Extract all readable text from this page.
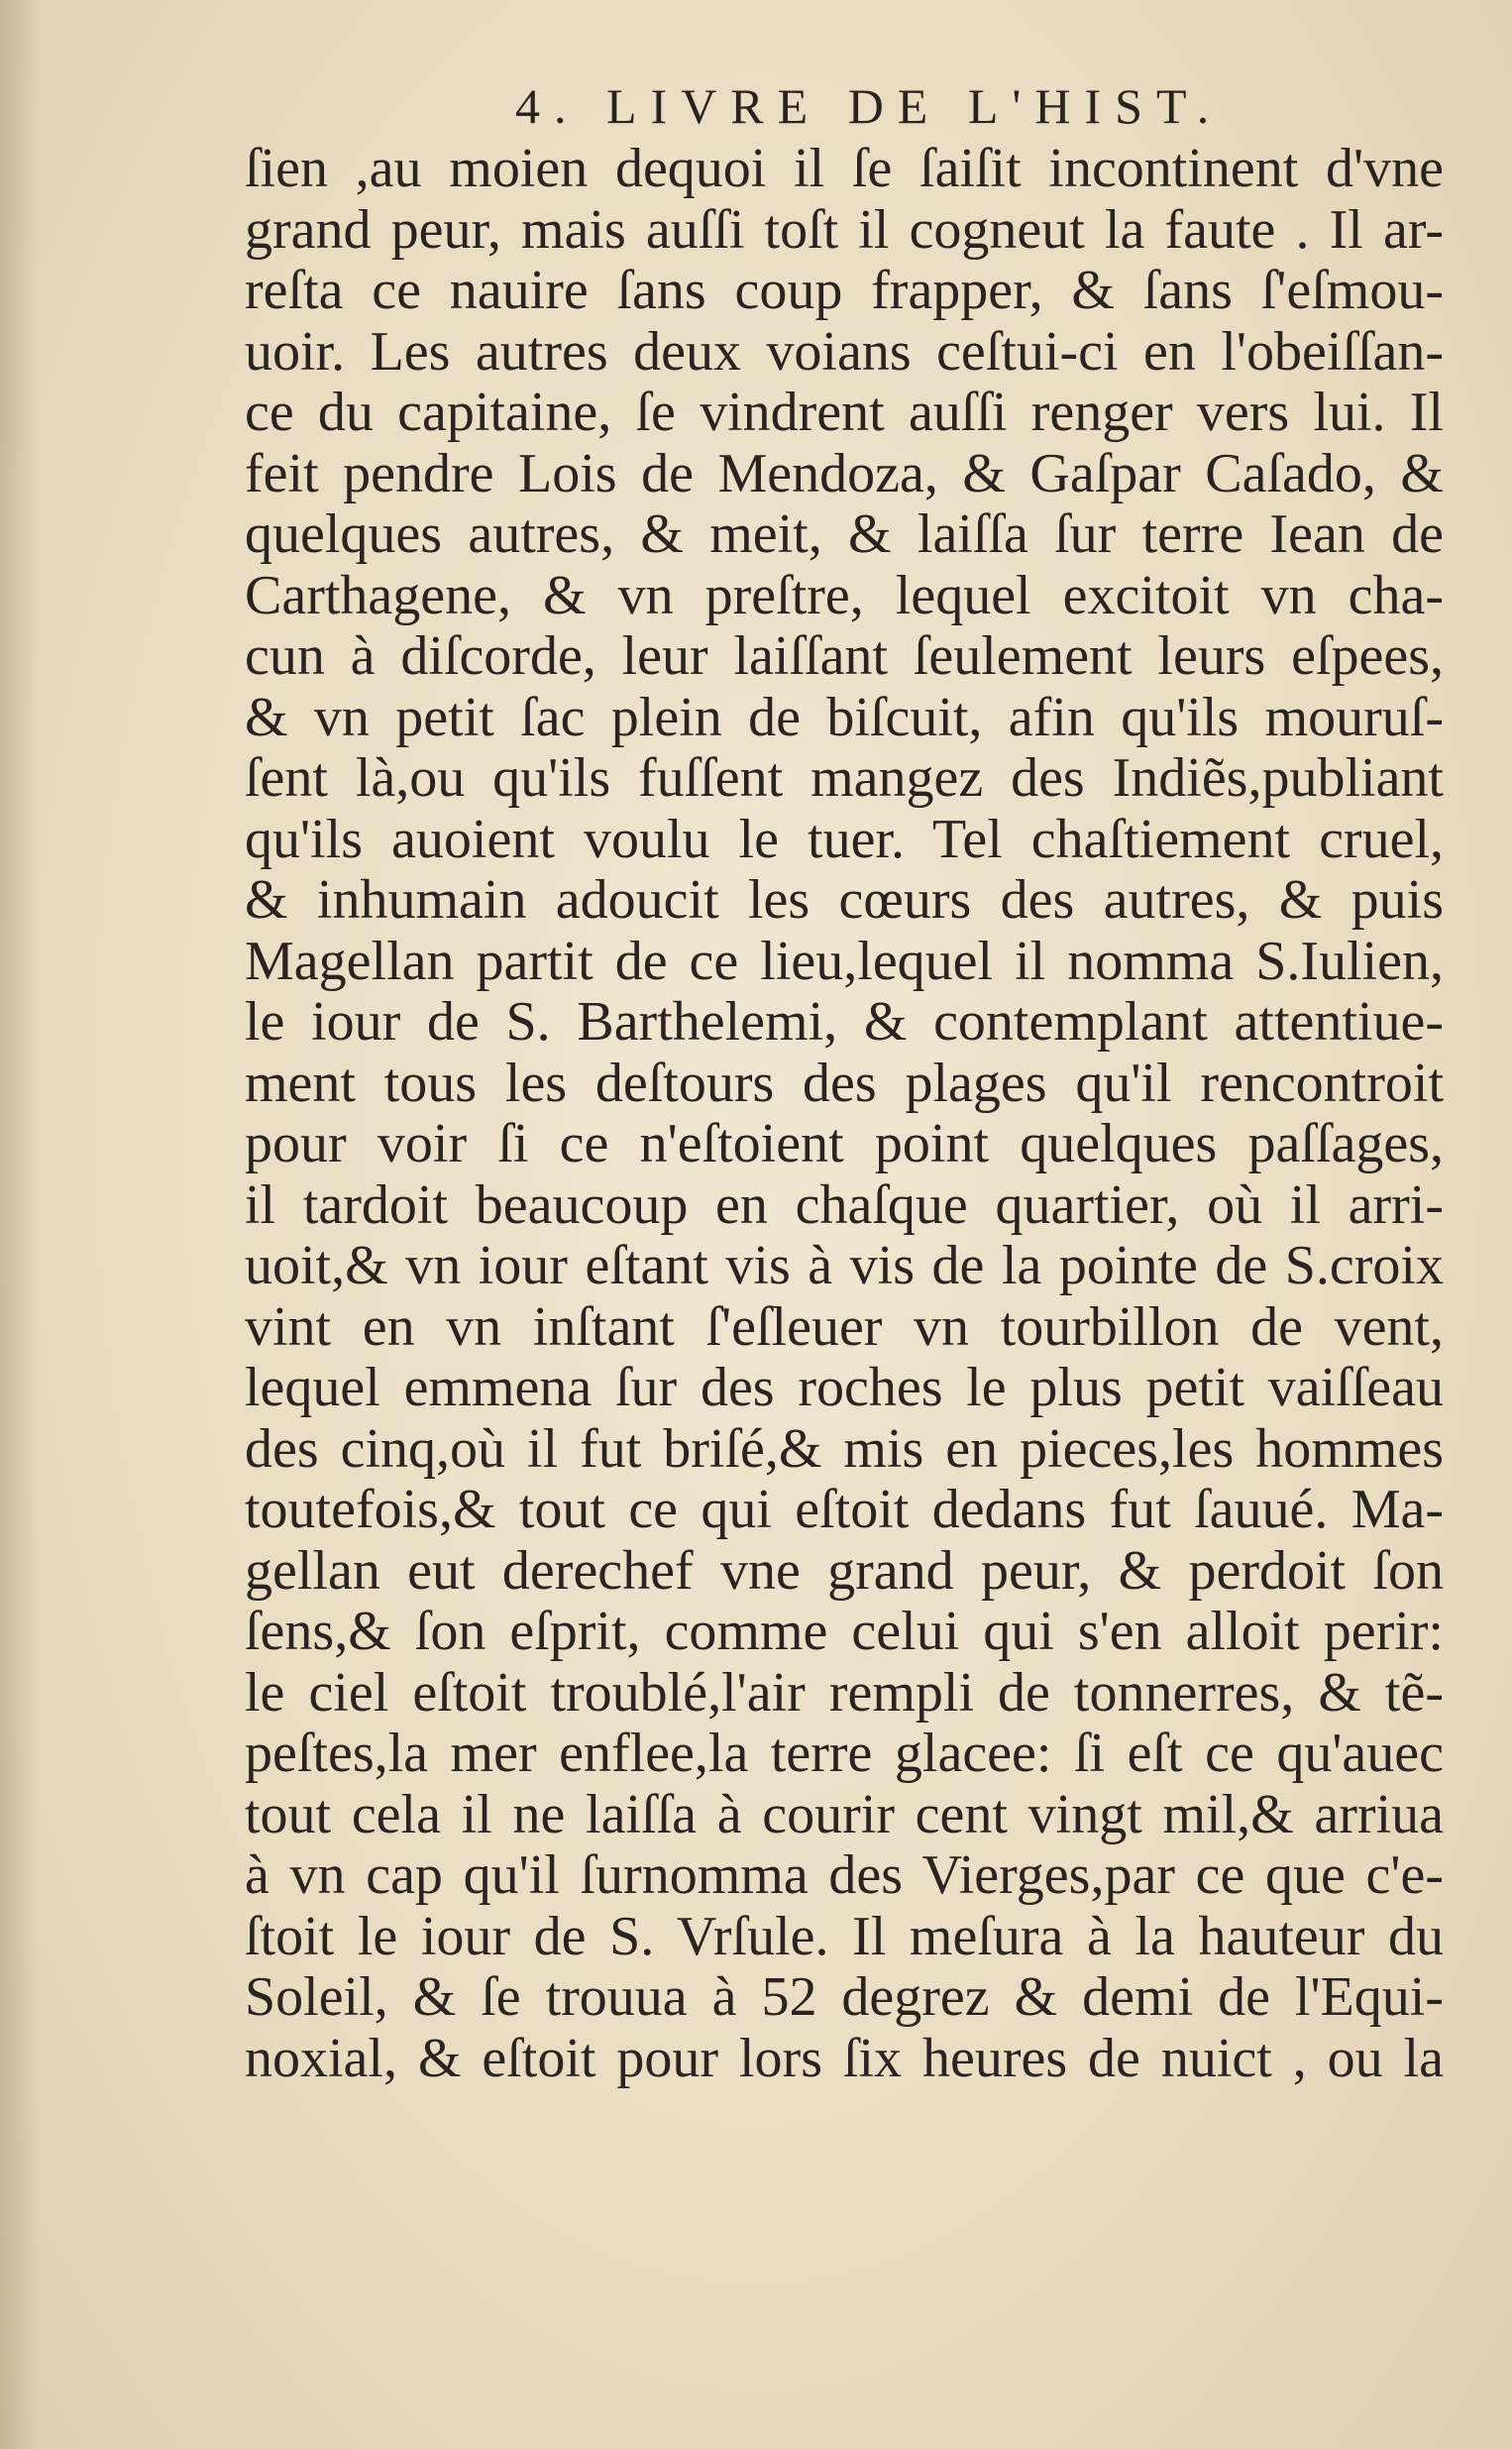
4. LIVRE DE L'HIST.
ſien ,au moien dequoi il ſe ſaiſit incontinent d'vne
grand peur, mais auſſi toſt il cogneut la faute . Il ar-
reſta ce nauire ſans coup frapper, & ſans ſ'eſmou-
uoir. Les autres deux voians ceſtui-ci en l'obeiſſan-
ce du capitaine, ſe vindrent auſſi renger vers lui. Il
feit pendre Lois de Mendoza, & Gaſpar Caſado, &
quelques autres, & meit, & laiſſa ſur terre Iean de
Carthagene, & vn preſtre, lequel excitoit vn cha-
cun à diſcorde, leur laiſſant ſeulement leurs eſpees,
& vn petit ſac plein de biſcuit, afin qu'ils mouruſ-
ſent là,ou qu'ils fuſſent mangez des Indiẽs,publiant
qu'ils auoient voulu le tuer. Tel chaſtiement cruel,
& inhumain adoucit les cœurs des autres, & puis
Magellan partit de ce lieu,lequel il nomma S.Iulien,
le iour de S. Barthelemi, & contemplant attentiue-
ment tous les deſtours des plages qu'il rencontroit
pour voir ſi ce n'eſtoient point quelques paſſages,
il tardoit beaucoup en chaſque quartier, où il arri-
uoit,& vn iour eſtant vis à vis de la pointe de S.croix
vint en vn inſtant ſ'eſleuer vn tourbillon de vent,
lequel emmena ſur des roches le plus petit vaiſſeau
des cinq,où il fut briſé,& mis en pieces,les hommes
toutefois,& tout ce qui eſtoit dedans fut ſauué. Ma-
gellan eut derechef vne grand peur, & perdoit ſon
ſens,& ſon eſprit, comme celui qui s'en alloit perir:
le ciel eſtoit troublé,l'air rempli de tonnerres, & tẽ-
peſtes,la mer enflee,la terre glacee: ſi eſt ce qu'auec
tout cela il ne laiſſa à courir cent vingt mil,& arriua
à vn cap qu'il ſurnomma des Vierges,par ce que c'e-
ſtoit le iour de S. Vrſule. Il meſura à la hauteur du
Soleil, & ſe trouua à 52 degrez & demi de l'Equi-
noxial, & eſtoit pour lors ſix heures de nuict , ou la
